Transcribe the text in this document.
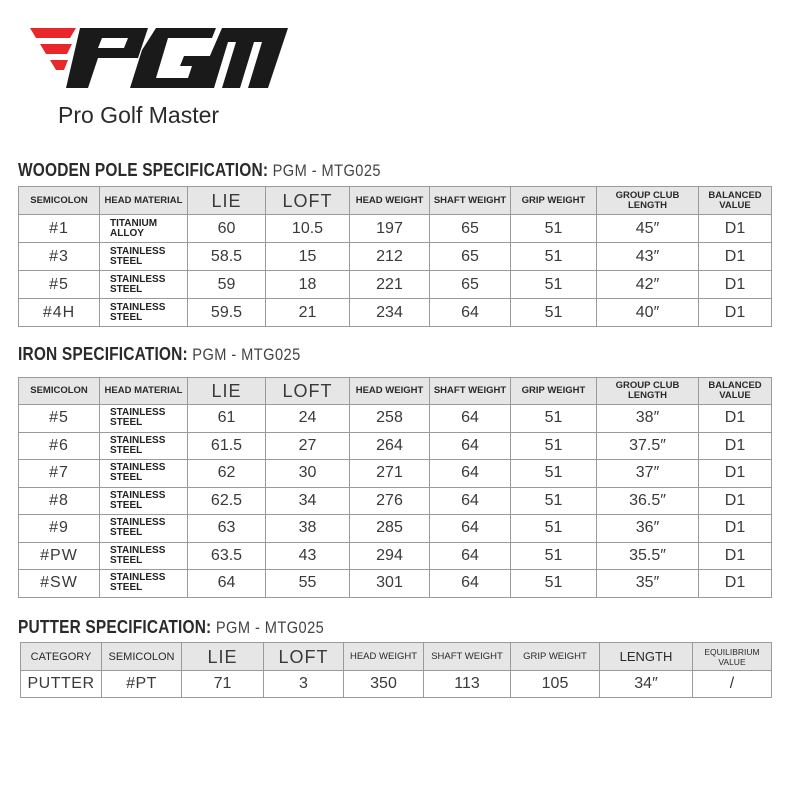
Pro Golf Master
WOODEN POLE SPECIFICATION: PGM - MTG025
SEMICOLON	HEAD MATERIAL	LIE	LOFT	HEAD WEIGHT	SHAFT WEIGHT	GRIP WEIGHT	GROUP CLUB LENGTH	BALANCED VALUE
#1	TITANIUM ALLOY	60	10.5	197	65	51	45″	D1
#3	STAINLESS STEEL	58.5	15	212	65	51	43″	D1
#5	STAINLESS STEEL	59	18	221	65	51	42″	D1
#4H	STAINLESS STEEL	59.5	21	234	64	51	40″	D1
IRON SPECIFICATION: PGM - MTG025
SEMICOLON	HEAD MATERIAL	LIE	LOFT	HEAD WEIGHT	SHAFT WEIGHT	GRIP WEIGHT	GROUP CLUB LENGTH	BALANCED VALUE
#5	STAINLESS STEEL	61	24	258	64	51	38″	D1
#6	STAINLESS STEEL	61.5	27	264	64	51	37.5″	D1
#7	STAINLESS STEEL	62	30	271	64	51	37″	D1
#8	STAINLESS STEEL	62.5	34	276	64	51	36.5″	D1
#9	STAINLESS STEEL	63	38	285	64	51	36″	D1
#PW	STAINLESS STEEL	63.5	43	294	64	51	35.5″	D1
#SW	STAINLESS STEEL	64	55	301	64	51	35″	D1
PUTTER SPECIFICATION: PGM - MTG025
CATEGORY	SEMICOLON	LIE	LOFT	HEAD WEIGHT	SHAFT WEIGHT	GRIP WEIGHT	LENGTH	EQUILIBRIUM VALUE
PUTTER	#PT	71	3	350	113	105	34″	/
